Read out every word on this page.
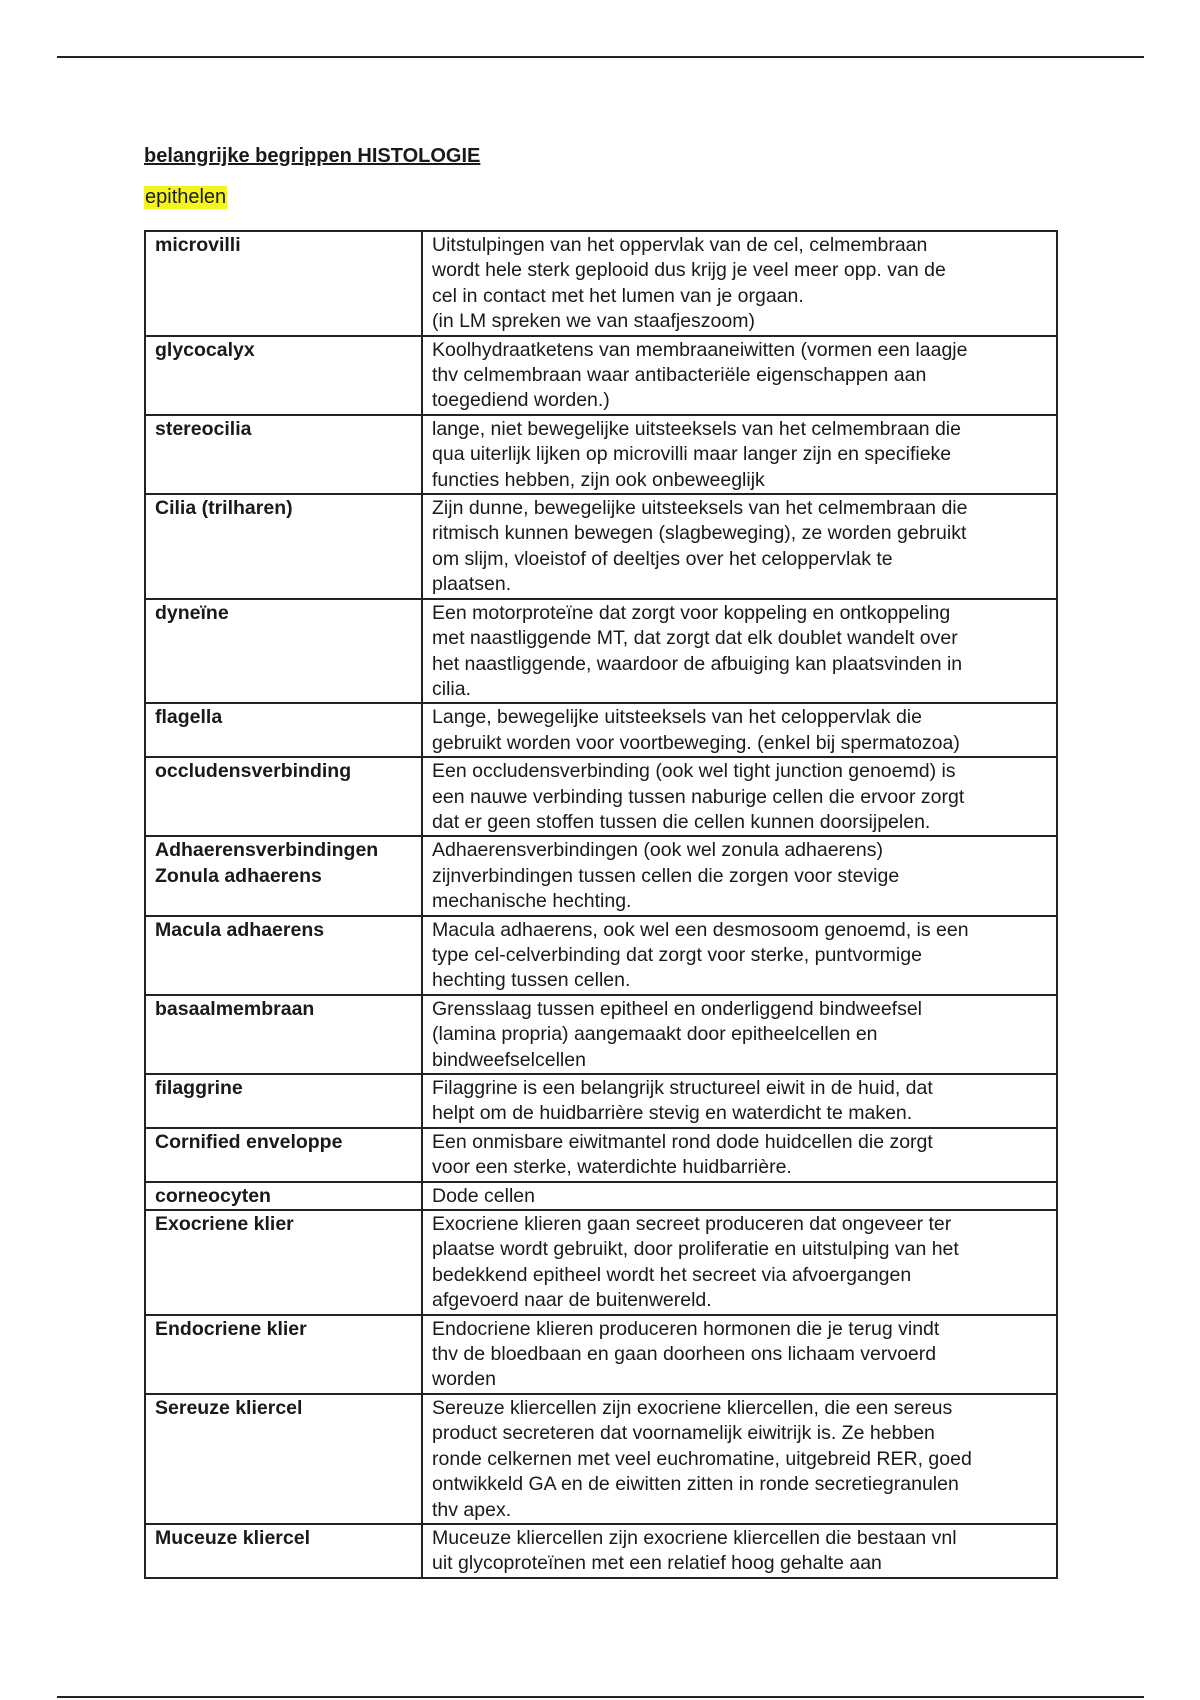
belangrijke begrippen HISTOLOGIE
epithelen
microvilli	Uitstulpingen van het oppervlak van de cel, celmembraan
wordt hele sterk geplooid dus krijg je veel meer opp. van de
cel in contact met het lumen van je orgaan.
(in LM spreken we van staafjeszoom)
glycocalyx	Koolhydraatketens van membraaneiwitten (vormen een laagje
thv celmembraan waar antibacteriële eigenschappen aan
toegediend worden.)
stereocilia	lange, niet bewegelijke uitsteeksels van het celmembraan die
qua uiterlijk lijken op microvilli maar langer zijn en specifieke
functies hebben, zijn ook onbeweeglijk
Cilia (trilharen)	Zijn dunne, bewegelijke uitsteeksels van het celmembraan die
ritmisch kunnen bewegen (slagbeweging), ze worden gebruikt
om slijm, vloeistof of deeltjes over het celoppervlak te
plaatsen.
dyneïne	Een motorproteïne dat zorgt voor koppeling en ontkoppeling
met naastliggende MT, dat zorgt dat elk doublet wandelt over
het naastliggende, waardoor de afbuiging kan plaatsvinden in
cilia.
flagella	Lange, bewegelijke uitsteeksels van het celoppervlak die
gebruikt worden voor voortbeweging. (enkel bij spermatozoa)
occludensverbinding	Een occludensverbinding (ook wel tight junction genoemd) is
een nauwe verbinding tussen naburige cellen die ervoor zorgt
dat er geen stoffen tussen die cellen kunnen doorsijpelen.
Adhaerensverbindingen
Zonula adhaerens	Adhaerensverbindingen (ook wel zonula adhaerens)
zijnverbindingen tussen cellen die zorgen voor stevige
mechanische hechting.
Macula adhaerens	Macula adhaerens, ook wel een desmosoom genoemd, is een
type cel-celverbinding dat zorgt voor sterke, puntvormige
hechting tussen cellen.
basaalmembraan	Grensslaag tussen epitheel en onderliggend bindweefsel
(lamina propria) aangemaakt door epitheelcellen en
bindweefselcellen
filaggrine	Filaggrine is een belangrijk structureel eiwit in de huid, dat
helpt om de huidbarrière stevig en waterdicht te maken.
Cornified enveloppe	Een onmisbare eiwitmantel rond dode huidcellen die zorgt
voor een sterke, waterdichte huidbarrière.
corneocyten	Dode cellen
Exocriene klier	Exocriene klieren gaan secreet produceren dat ongeveer ter
plaatse wordt gebruikt, door proliferatie en uitstulping van het
bedekkend epitheel wordt het secreet via afvoergangen
afgevoerd naar de buitenwereld.
Endocriene klier	Endocriene klieren produceren hormonen die je terug vindt
thv de bloedbaan en gaan doorheen ons lichaam vervoerd
worden
Sereuze kliercel	Sereuze kliercellen zijn exocriene kliercellen, die een sereus
product secreteren dat voornamelijk eiwitrijk is. Ze hebben
ronde celkernen met veel euchromatine, uitgebreid RER, goed
ontwikkeld GA en de eiwitten zitten in ronde secretiegranulen
thv apex.
Muceuze kliercel	Muceuze kliercellen zijn exocriene kliercellen die bestaan vnl
uit glycoproteïnen met een relatief hoog gehalte aan
